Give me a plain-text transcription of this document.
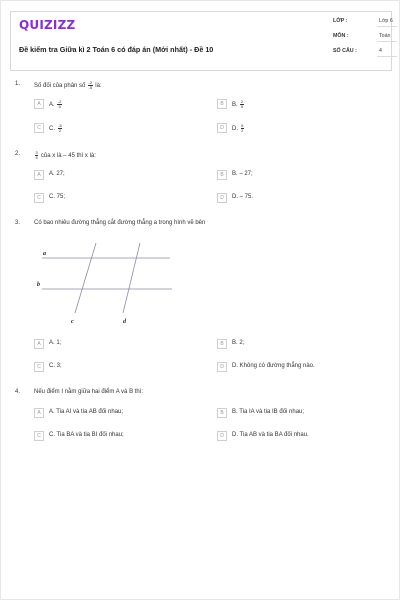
QUIZIZZ
Đề kiểm tra Giữa kì 2 Toán 6 có đáp án (Mới nhất) - Đề 10
LỚP :	Lớp 6
MÔN :	Toán
SỐ CÂU :	4
1. Số đối của phân số $\frac{-2}{-5}$ là:
A	A. $\frac{-2}{5}$	B	B. $\frac{2}{5}$
C	C. $\frac{-5}{2}$	D	D. $\frac{5}{2}$
2.	$\frac{3}{5}$ của x là – 45 thì x là:
A	A. 27;	B	B. – 27;
C	C. 75;	D	D. – 75.
3. Có bao nhiêu đường thẳng cắt đường thẳng a trong hình vẽ bên
a
b
c	d
A	A. 1;	B	B. 2;
C	C. 3;	D	D. Không có đường thẳng nào.
4. Nếu điểm I nằm giữa hai điểm A và B thì:
A	A. Tia AI và tia AB đối nhau;	B	B. Tia IA và tia IB đối nhau;
C	C. Tia BA và tia BI đối nhau;	D	D. Tia AB và tia BA đối nhau.
